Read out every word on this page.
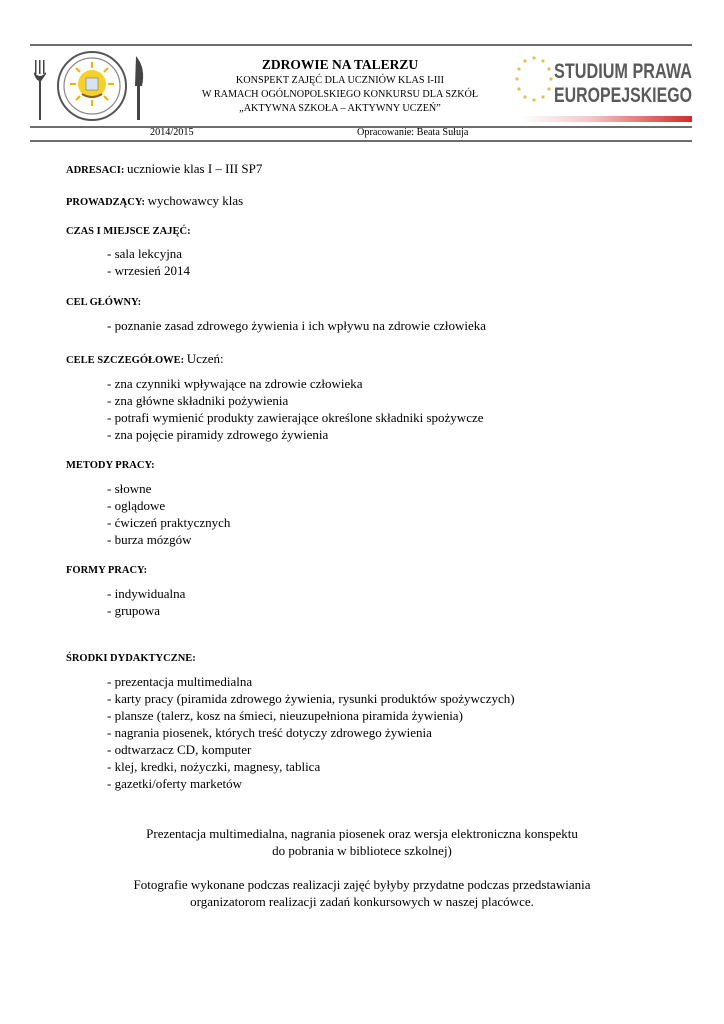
ZDROWIE NA TALERZU
KONSPEKT ZAJĘĆ DLA UCZNIÓW KLAS I-III
W RAMACH OGÓLNOPOLSKIEGO KONKURSU DLA SZKÓŁ
„AKTYWNA SZKOŁA – AKTYWNY UCZEŃ”
2014/2015	Opracowanie: Beata Sułuja
STUDIUM PRAWA
EUROPEJSKIEGO
ADRESACI: uczniowie klas I – III SP7
PROWADZĄCY: wychowawcy klas
CZAS I MIEJSCE ZAJĘĆ:
- sala lekcyjna
- wrzesień 2014
CEL GŁÓWNY:
- poznanie zasad zdrowego żywienia i ich wpływu na zdrowie człowieka
CELE SZCZEGÓŁOWE: Uczeń:
- zna czynniki wpływające na zdrowie człowieka
- zna główne składniki pożywienia
- potrafi wymienić produkty zawierające określone składniki spożywcze
- zna pojęcie piramidy zdrowego żywienia
METODY PRACY:
- słowne
- oglądowe
- ćwiczeń praktycznych
- burza mózgów
FORMY PRACY:
- indywidualna
- grupowa
ŚRODKI DYDAKTYCZNE:
- prezentacja multimedialna
- karty pracy (piramida zdrowego żywienia, rysunki produktów spożywczych)
- plansze (talerz, kosz na śmieci, nieuzupełniona piramida żywienia)
- nagrania piosenek, których treść dotyczy zdrowego żywienia
- odtwarzacz CD, komputer
- klej, kredki, nożyczki, magnesy, tablica
- gazetki/oferty marketów
Prezentacja multimedialna, nagrania piosenek oraz wersja elektroniczna konspektu
do pobrania w bibliotece szkolnej)
Fotografie wykonane podczas realizacji zajęć byłyby przydatne podczas przedstawiania
organizatorom realizacji zadań konkursowych w naszej placówce.
